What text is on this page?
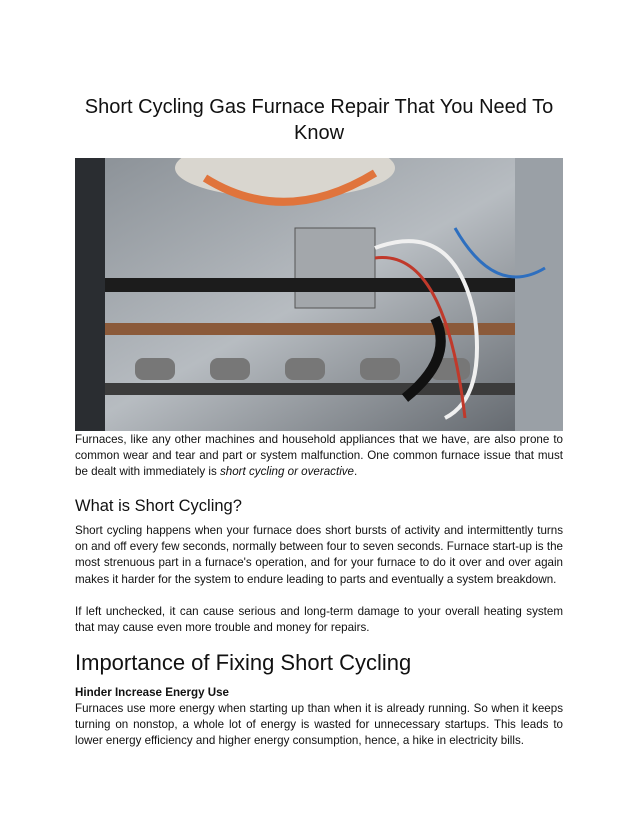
Short Cycling Gas Furnace Repair That You Need To Know
Furnaces, like any other machines and household appliances that we have, are also prone to common wear and tear and part or system malfunction. One common furnace issue that must be dealt with immediately is short cycling or overactive.
What is Short Cycling?
Short cycling happens when your furnace does short bursts of activity and intermittently turns on and off every few seconds, normally between four to seven seconds. Furnace start-up is the most strenuous part in a furnace's operation, and for your furnace to do it over and over again makes it harder for the system to endure leading to parts and eventually a system breakdown.
If left unchecked, it can cause serious and long-term damage to your overall heating system that may cause even more trouble and money for repairs.
Importance of Fixing Short Cycling
Hinder Increase Energy Use
Furnaces use more energy when starting up than when it is already running. So when it keeps turning on nonstop, a whole lot of energy is wasted for unnecessary startups. This leads to lower energy efficiency and higher energy consumption, hence, a hike in electricity bills.
